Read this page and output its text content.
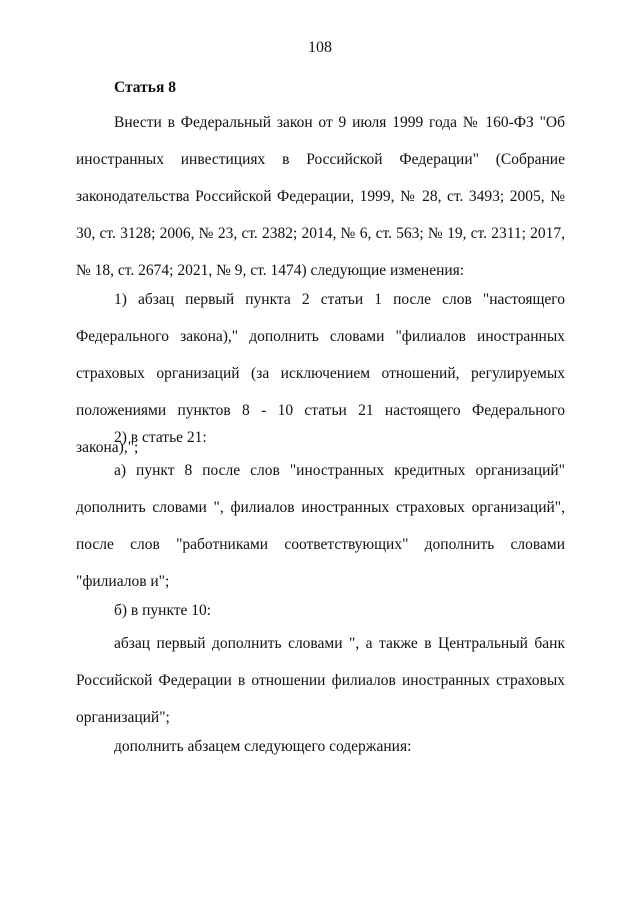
108
Статья 8

Внести в Федеральный закон от 9 июля 1999 года № 160-ФЗ "Об иностранных инвестициях в Российской Федерации" (Собрание законодательства Российской Федерации, 1999, № 28, ст. 3493; 2005, № 30, ст. 3128; 2006, № 23, ст. 2382; 2014, № 6, ст. 563; № 19, ст. 2311; 2017, № 18, ст. 2674; 2021, № 9, ст. 1474) следующие изменения:

1) абзац первый пункта 2 статьи 1 после слов "настоящего Федерального закона)," дополнить словами "филиалов иностранных страховых организаций (за исключением отношений, регулируемых положениями пунктов 8 - 10 статьи 21 настоящего Федерального закона),";

2) в статье 21:

а) пункт 8 после слов "иностранных кредитных организаций" дополнить словами ", филиалов иностранных страховых организаций", после слов "работниками соответствующих" дополнить словами "филиалов и";

б) в пункте 10:

абзац первый дополнить словами ", а также в Центральный банк Российской Федерации в отношении филиалов иностранных страховых организаций";

дополнить абзацем следующего содержания:
